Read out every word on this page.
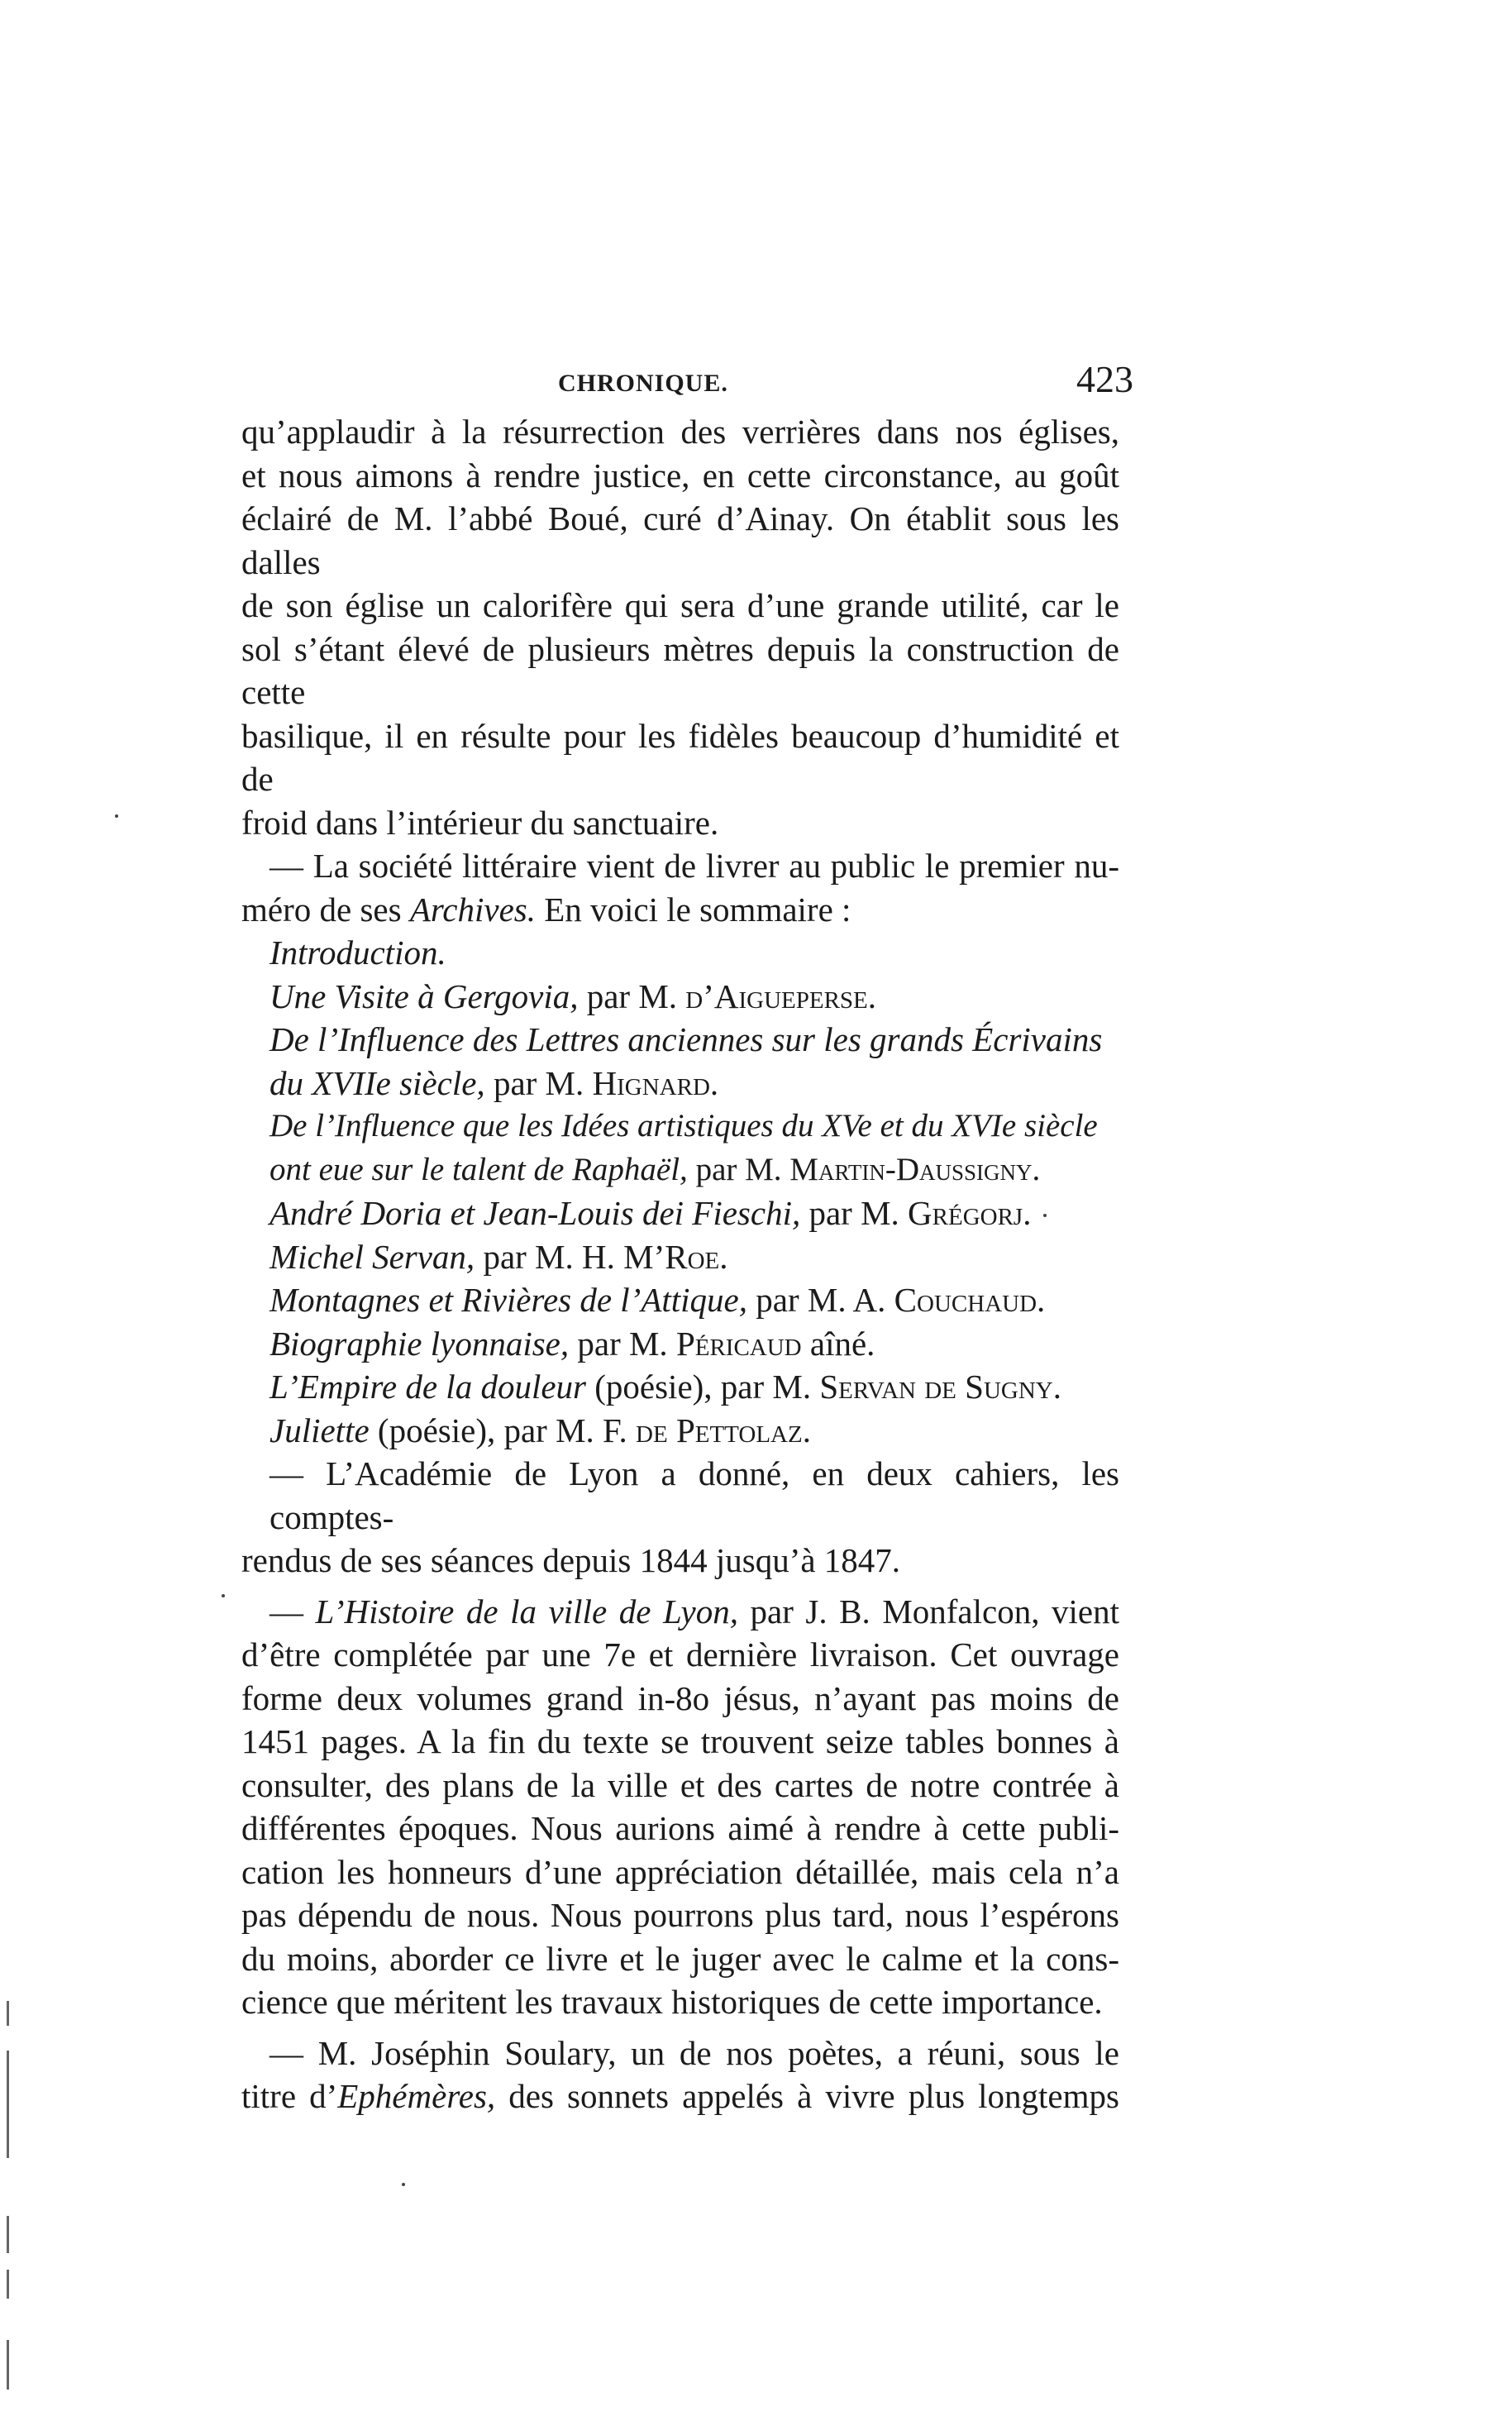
CHRONIQUE.	423
qu’applaudir à la résurrection des verrières dans nos églises,
et nous aimons à rendre justice, en cette circonstance, au goût
éclairé de M. l’abbé Boué, curé d’Ainay. On établit sous les dalles
de son église un calorifère qui sera d’une grande utilité, car le
sol s’étant élevé de plusieurs mètres depuis la construction de cette
basilique, il en résulte pour les fidèles beaucoup d’humidité et de
froid dans l’intérieur du sanctuaire.
— La société littéraire vient de livrer au public le premier nu-
méro de ses Archives. En voici le sommaire :
Introduction.
Une Visite à Gergovia, par M. d’Aigueperse.
De l’Influence des Lettres anciennes sur les grands Écrivains du XVIIe siècle, par M. Hignard.
De l’Influence que les Idées artistiques du XVe et du XVIe siècle ont eue sur le talent de Raphaël, par M. Martin-Daussigny.
André Doria et Jean-Louis dei Fieschi, par M. Grégorj.
Michel Servan, par M. H. M’Roe.
Montagnes et Rivières de l’Attique, par M. A. Couchaud.
Biographie lyonnaise, par M. Péricaud aîné.
L’Empire de la douleur (poésie), par M. Servan de Sugny.
Juliette (poésie), par M. F. de Pettolaz.
— L’Académie de Lyon a donné, en deux cahiers, les comptes-
rendus de ses séances depuis 1844 jusqu’à 1847.
— L’Histoire de la ville de Lyon, par J. B. Monfalcon, vient
d’être complétée par une 7e et dernière livraison. Cet ouvrage
forme deux volumes grand in-8o jésus, n’ayant pas moins de
1451 pages. A la fin du texte se trouvent seize tables bonnes à
consulter, des plans de la ville et des cartes de notre contrée à
différentes époques. Nous aurions aimé à rendre à cette publi-
cation les honneurs d’une appréciation détaillée, mais cela n’a
pas dépendu de nous. Nous pourrons plus tard, nous l’espérons
du moins, aborder ce livre et le juger avec le calme et la cons-
cience que méritent les travaux historiques de cette importance.
— M. Joséphin Soulary, un de nos poètes, a réuni, sous le
titre d’Ephémères, des sonnets appelés à vivre plus longtemps
